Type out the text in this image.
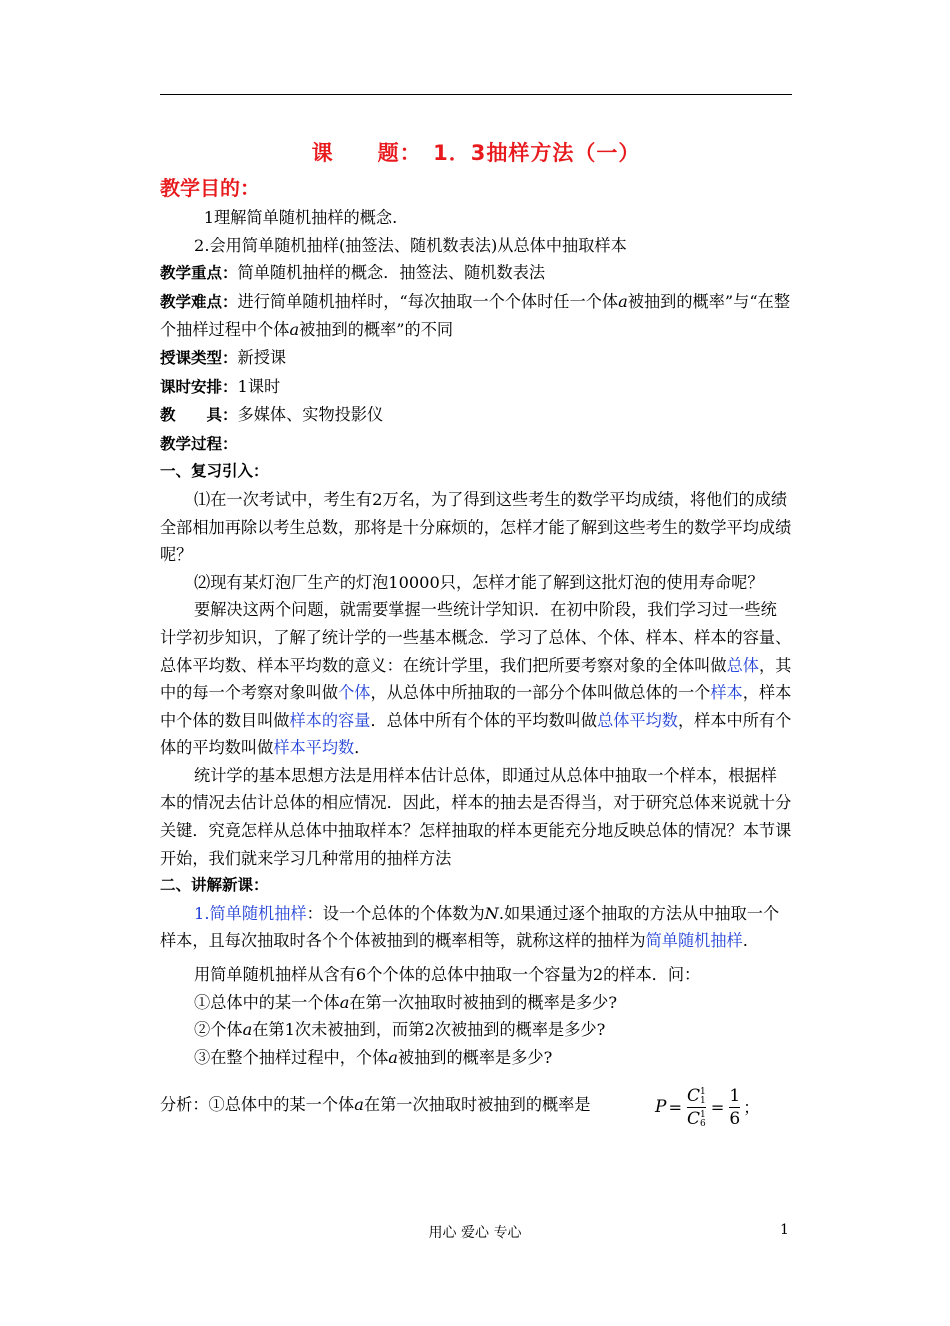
课　　题：　1．3抽样方法（一）
教学目的：

1理解简单随机抽样的概念.

2.会用简单随机抽样(抽签法、随机数表法)从总体中抽取样本

教学重点：简单随机抽样的概念．抽签法、随机数表法

教学难点：进行简单随机抽样时，“每次抽取一个个体时任一个体a被抽到的概率”与“在整个抽样过程中个体a被抽到的概率”的不同

授课类型：新授课

课时安排：1课时

教　　具：多媒体、实物投影仪

教学过程：

一、复习引入：

⑴在一次考试中，考生有2万名，为了得到这些考生的数学平均成绩，将他们的成绩全部相加再除以考生总数，那将是十分麻烦的，怎样才能了解到这些考生的数学平均成绩呢？

⑵现有某灯泡厂生产的灯泡10000只，怎样才能了解到这批灯泡的使用寿命呢？

要解决这两个问题，就需要掌握一些统计学知识．在初中阶段，我们学习过一些统计学初步知识，了解了统计学的一些基本概念．学习了总体、个体、样本、样本的容量、总体平均数、样本平均数的意义：在统计学里，我们把所要考察对象的全体叫做总体，其中的每一个考察对象叫做个体，从总体中所抽取的一部分个体叫做总体的一个样本，样本中个体的数目叫做样本的容量．总体中所有个体的平均数叫做总体平均数，样本中所有个体的平均数叫做样本平均数．

统计学的基本思想方法是用样本估计总体，即通过从总体中抽取一个样本，根据样本的情况去估计总体的相应情况．因此，样本的抽去是否得当，对于研究总体来说就十分关键．究竟怎样从总体中抽取样本？怎样抽取的样本更能充分地反映总体的情况？本节课开始，我们就来学习几种常用的抽样方法

二、讲解新课：

1.简单随机抽样：设一个总体的个体数为N.如果通过逐个抽取的方法从中抽取一个样本，且每次抽取时各个个体被抽到的概率相等，就称这样的抽样为简单随机抽样.

用简单随机抽样从含有6个个体的总体中抽取一个容量为2的样本．问：

①总体中的某一个体a在第一次抽取时被抽到的概率是多少?

②个体a在第1次未被抽到，而第2次被抽到的概率是多少?

③在整个抽样过程中，个体a被抽到的概率是多少?

分析：①总体中的某一个体a在第一次抽取时被抽到的概率是	P = C 1
1
C 1
$6 = \frac{1}{6}$ ；
用心 爱心 专心	1
